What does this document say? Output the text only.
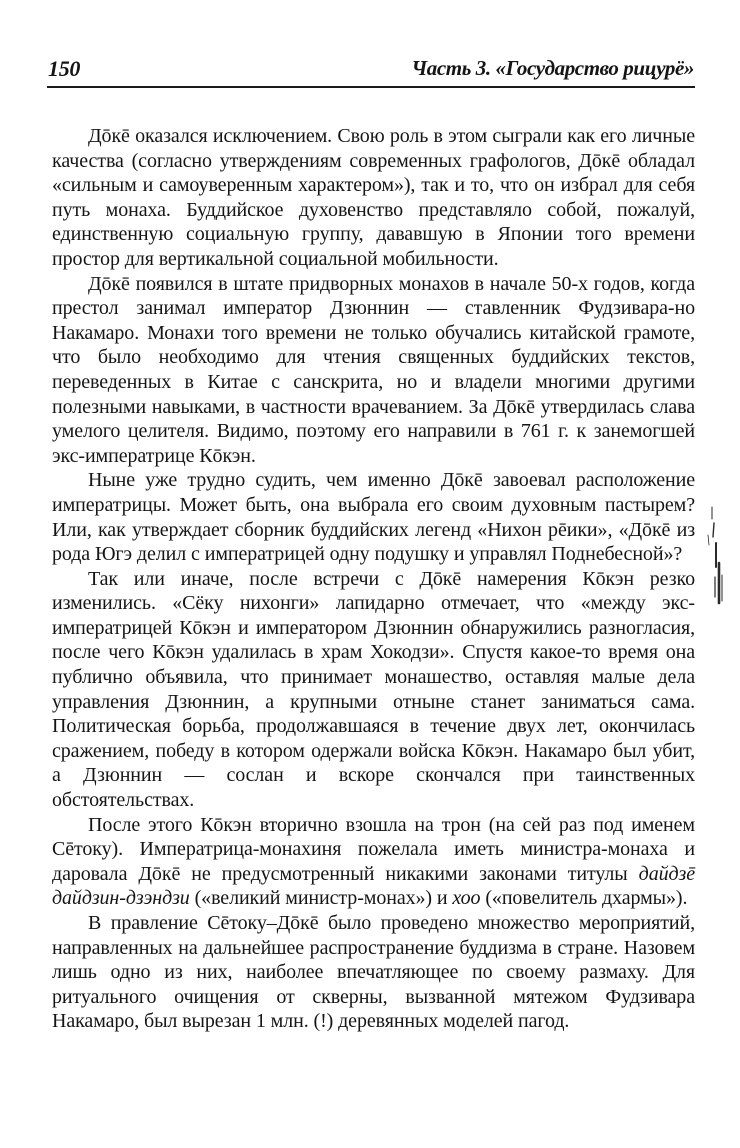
150	Часть 3. «Государство рицурё»

Дōкē оказался исключением. Свою роль в этом сыграли как его личные качества (согласно утверждениям современных графологов, Дōкē обладал «сильным и самоуверенным характером»), так и то, что он избрал для себя путь монаха. Буддийское духовенство представляло собой, пожалуй, единственную социальную группу, дававшую в Японии того времени простор для вертикальной социальной мобильности.

Дōкē появился в штате придворных монахов в начале 50-х годов, когда престол занимал император Дзюннин — ставленник Фудзивара-но Накамаро. Монахи того времени не только обучались китайской грамоте, что было необходимо для чтения священных буддийских текстов, переведенных в Китае с санскрита, но и владели многими другими полезными навыками, в частности врачеванием. За Дōкē утвердилась слава умелого целителя. Видимо, поэтому его направили в 761 г. к занемогшей экс-императрице Кōкэн.

Ныне уже трудно судить, чем именно Дōкē завоевал расположение императрицы. Может быть, она выбрала его своим духовным пастырем? Или, как утверждает сборник буддийских легенд «Нихон рēики», «Дōкē из рода Югэ делил с императрицей одну подушку и управлял Поднебесной»?

Так или иначе, после встречи с Дōкē намерения Кōкэн резко изменились. «Сёку нихонги» лапидарно отмечает, что «между экс-императрицей Кōкэн и императором Дзюннин обнаружились разногласия, после чего Кōкэн удалилась в храм Хокодзи». Спустя какое-то время она публично объявила, что принимает монашество, оставляя малые дела управления Дзюннин, а крупными отныне станет заниматься сама. Политическая борьба, продолжавшаяся в течение двух лет, окончилась сражением, победу в котором одержали войска Кōкэн. Накамаро был убит, а Дзюннин — сослан и вскоре скончался при таинственных обстоятельствах.

После этого Кōкэн вторично взошла на трон (на сей раз под именем Сēтоку). Императрица-монахиня пожелала иметь министра-монаха и даровала Дōкē не предусмотренный никакими законами титулы дайдзē дайдзин-дзэндзи («великий министр-монах») и хоо («повелитель дхармы»).

В правление Сēтоку–Дōкē было проведено множество мероприятий, направленных на дальнейшее распространение буддизма в стране. Назовем лишь одно из них, наиболее впечатляющее по своему размаху. Для ритуального очищения от скверны, вызванной мятежом Фудзивара Накамаро, был вырезан 1 млн. (!) деревянных моделей пагод.
